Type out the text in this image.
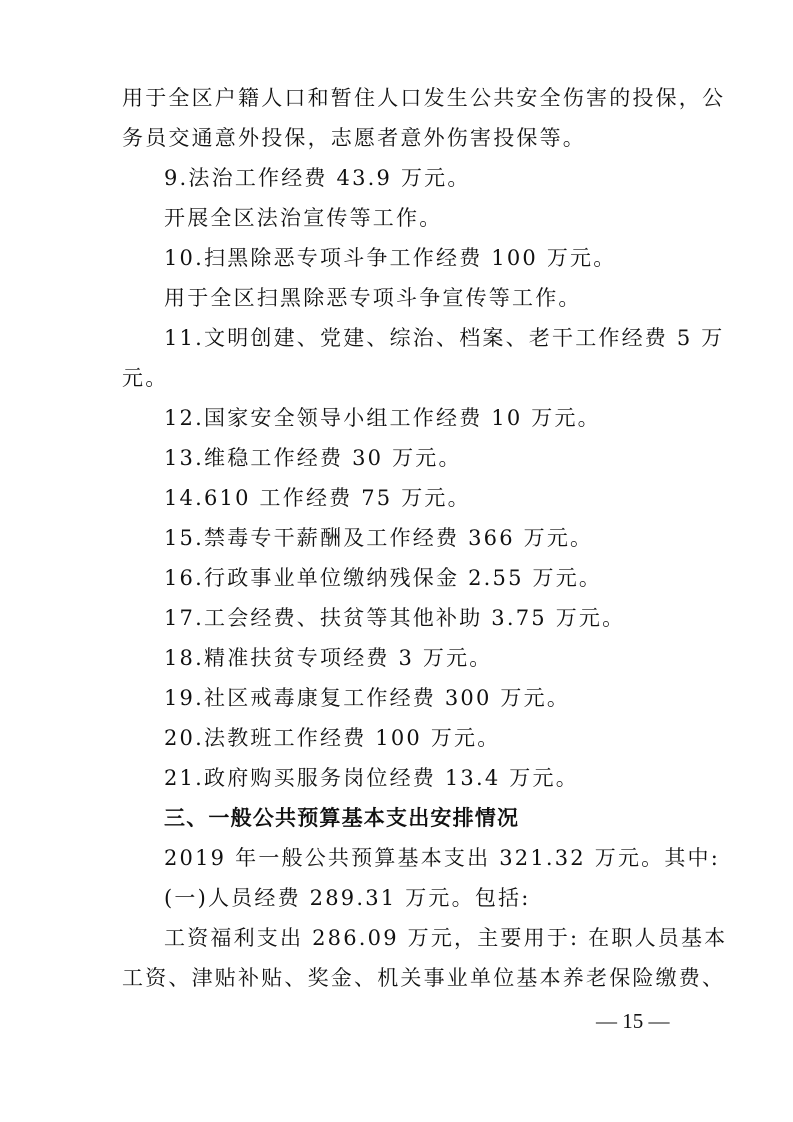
用于全区户籍人口和暂住人口发生公共安全伤害的投保，公
务员交通意外投保，志愿者意外伤害投保等。
9.法治工作经费 43.9 万元。
开展全区法治宣传等工作。
10.扫黑除恶专项斗争工作经费 100 万元。
用于全区扫黑除恶专项斗争宣传等工作。
11.文明创建、党建、综治、档案、老干工作经费 5 万
元。
12.国家安全领导小组工作经费 10 万元。
13.维稳工作经费 30 万元。
14.610 工作经费 75 万元。
15.禁毒专干薪酬及工作经费 366 万元。
16.行政事业单位缴纳残保金 2.55 万元。
17.工会经费、扶贫等其他补助 3.75 万元。
18.精准扶贫专项经费 3 万元。
19.社区戒毒康复工作经费 300 万元。
20.法教班工作经费 100 万元。
21.政府购买服务岗位经费 13.4 万元。
三、一般公共预算基本支出安排情况
2019 年一般公共预算基本支出 321.32 万元。其中:
(一)人员经费 289.31 万元。包括:
工资福利支出 286.09 万元，主要用于: 在职人员基本
工资、津贴补贴、奖金、机关事业单位基本养老保险缴费、
— 15 —
